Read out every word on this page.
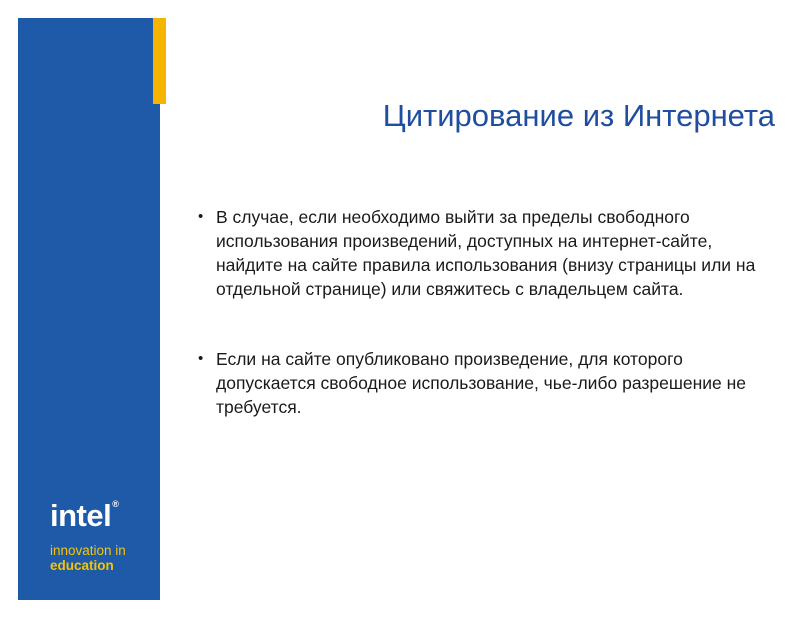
intel®
innovation in
education
Цитирование из Интернета
• В случае, если необходимо выйти за пределы свободного использования произведений, доступных на интернет-сайте, найдите на сайте правила использования (внизу страницы или на отдельной странице) или свяжитесь с владельцем сайта.
• Если на сайте опубликовано произведение, для которого допускается свободное использование, чье-либо разрешение не требуется.
